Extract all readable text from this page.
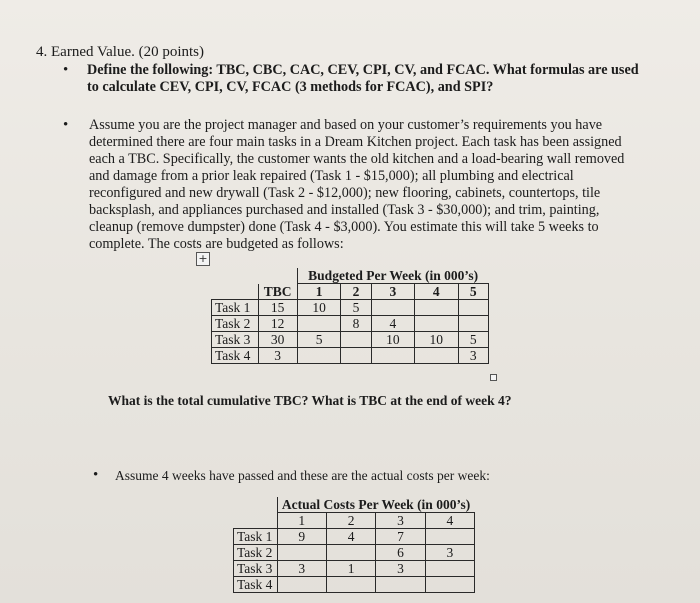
4. Earned Value. (20 points)
• Define the following: TBC, CBC, CAC, CEV, CPI, CV, and FCAC. What formulas are used
to calculate CEV, CPI, CV, FCAC (3 methods for FCAC), and SPI?
• Assume you are the project manager and based on your customer’s requirements you have
determined there are four main tasks in a Dream Kitchen project. Each task has been assigned
each a TBC. Specifically, the customer wants the old kitchen and a load-bearing wall removed
and damage from a prior leak repaired (Task 1 - $15,000); all plumbing and electrical
reconfigured and new drywall (Task 2 - $12,000); new flooring, cabinets, countertops, tile
backsplash, and appliances purchased and installed (Task 3 - $30,000); and trim, painting,
cleanup (remove dumpster) done (Task 4 - $3,000). You estimate this will take 5 weeks to
complete. The costs are budgeted as follows:
+
		Budgeted Per Week (in 000’s)				
	TBC	1	2	3	4	5
Task 1	15	10	5			
Task 2	12		8	4		
Task 3	30	5		10	10	5
Task 4	3					3
What is the total cumulative TBC? What is TBC at the end of week 4?
• Assume 4 weeks have passed and these are the actual costs per week:
	Actual Costs Per Week (in 000’s)			
	1	2	3	4
Task 1	9	4	7	
Task 2			6	3
Task 3	3	1	3	
Task 4				
